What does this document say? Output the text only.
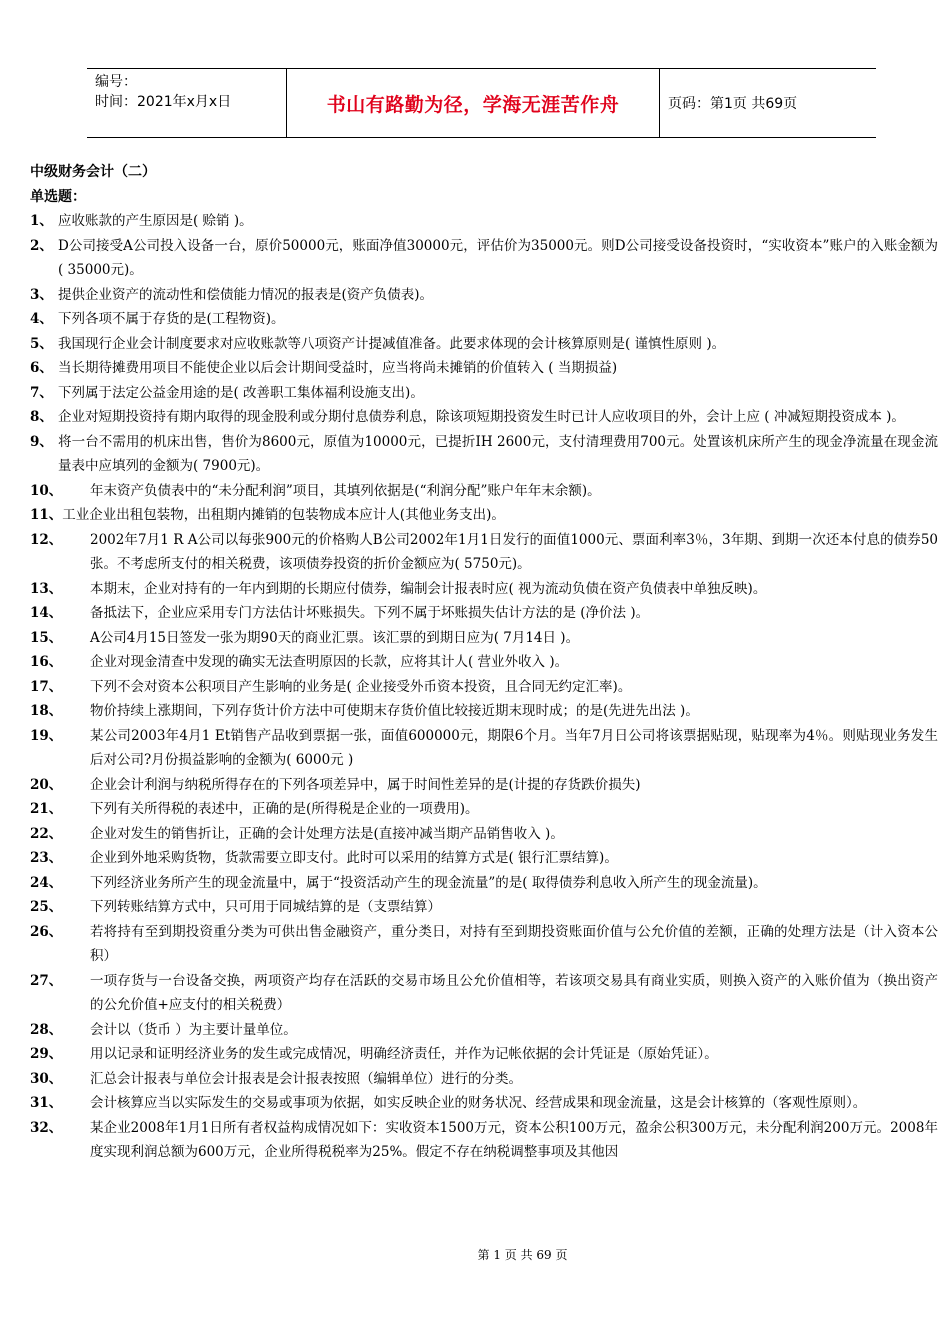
编号：
时间：2021年x月x日	书山有路勤为径，学海无涯苦作舟	页码：第1页 共69页
中级财务会计（二）
单选题：
1、 应收账款的产生原因是( 赊销 )。
2、 D公司接受A公司投入设备一台，原价50000元，账面净值30000元，评估价为35000元。则D公司接受设备投资时，“实收资本”账户的入账金额为( 35000元)。
3、 提供企业资产的流动性和偿债能力情况的报表是(资产负债表)。
4、 下列各项不属于存货的是(工程物资)。
5、 我国现行企业会计制度要求对应收账款等八项资产计提减值准备。此要求体现的会计核算原则是( 谨慎性原则 )。
6、 当长期待摊费用项目不能使企业以后会计期间受益时，应当将尚未摊销的价值转入 ( 当期损益)
7、 下列属于法定公益金用途的是( 改善职工集体福利设施支出)。
8、 企业对短期投资持有期内取得的现金股利或分期付息债券利息，除该项短期投资发生时已计人应收项目的外，会计上应 ( 冲减短期投资成本 )。
9、 将一台不需用的机床出售，售价为8600元，原值为10000元，已提折IH 2600元，支付清理费用700元。处置该机床所产生的现金净流量在现金流量表中应填列的金额为( 7900元)。
10、	年末资产负债表中的“未分配利润”项目，其填列依据是(“利润分配”账户年年末余额)。
11、 工业企业出租包装物，出租期内摊销的包装物成本应计人(其他业务支出)。
12、	2002年7月1 R A公司以每张900元的价格购人B公司2002年1月1日发行的面值1000元、票面利率3％，3年期、到期一次还本付息的债券50张。不考虑所支付的相关税费，该项债券投资的折价金额应为( 5750元)。
13、	本期末，企业对持有的一年内到期的长期应付债券，编制会计报表时应( 视为流动负债在资产负债表中单独反映)。
14、	备抵法下，企业应采用专门方法估计坏账损失。下列不属于坏账损失估计方法的是 (净价法 )。
15、	A公司4月15日签发一张为期90天的商业汇票。该汇票的到期日应为( 7月14日 )。
16、	企业对现金清查中发现的确实无法查明原因的长款，应将其计人( 营业外收入 )。
17、	下列不会对资本公积项目产生影响的业务是( 企业接受外币资本投资，且合同无约定汇率)。
18、	物价持续上涨期间，下列存货计价方法中可使期末存货价值比较接近期末现时成；的是(先进先出法 )。
19、	某公司2003年4月1 Et销售产品收到票据一张，面值600000元，期限6个月。当年7月日公司将该票据贴现，贴现率为4％。则贴现业务发生后对公司?月份损益影响的金额为( 6000元 )
20、	企业会计利润与纳税所得存在的下列各项差异中，属于时间性差异的是(计提的存货跌价损失)
21、	下列有关所得税的表述中，正确的是(所得税是企业的一项费用)。
22、	企业对发生的销售折让，正确的会计处理方法是(直接冲减当期产品销售收入 )。
23、	企业到外地采购货物，货款需要立即支付。此时可以采用的结算方式是( 银行汇票结算)。
24、	下列经济业务所产生的现金流量中，属于“投资活动产生的现金流量”的是( 取得债券利息收入所产生的现金流量)。
25、	下列转账结算方式中，只可用于同城结算的是（支票结算）
26、	若将持有至到期投资重分类为可供出售金融资产，重分类日，对持有至到期投资账面价值与公允价值的差额，正确的处理方法是（计入资本公积）
27、	一项存货与一台设备交换，两项资产均存在活跃的交易市场且公允价值相等，若该项交易具有商业实质，则换入资产的入账价值为（换出资产的公允价值+应支付的相关税费）
28、	会计以（货币 ）为主要计量单位。
29、	用以记录和证明经济业务的发生或完成情况，明确经济责任，并作为记帐依据的会计凭证是（原始凭证）。
30、	汇总会计报表与单位会计报表是会计报表按照（编辑单位）进行的分类。
31、	会计核算应当以实际发生的交易或事项为依据，如实反映企业的财务状况、经营成果和现金流量，这是会计核算的（客观性原则）。
32、	某企业2008年1月1日所有者权益构成情况如下：实收资本1500万元，资本公积100万元，盈余公积300万元，未分配利润200万元。2008年度实现利润总额为600万元，企业所得税税率为25%。假定不存在纳税调整事项及其他因
第 1 页 共 69 页
